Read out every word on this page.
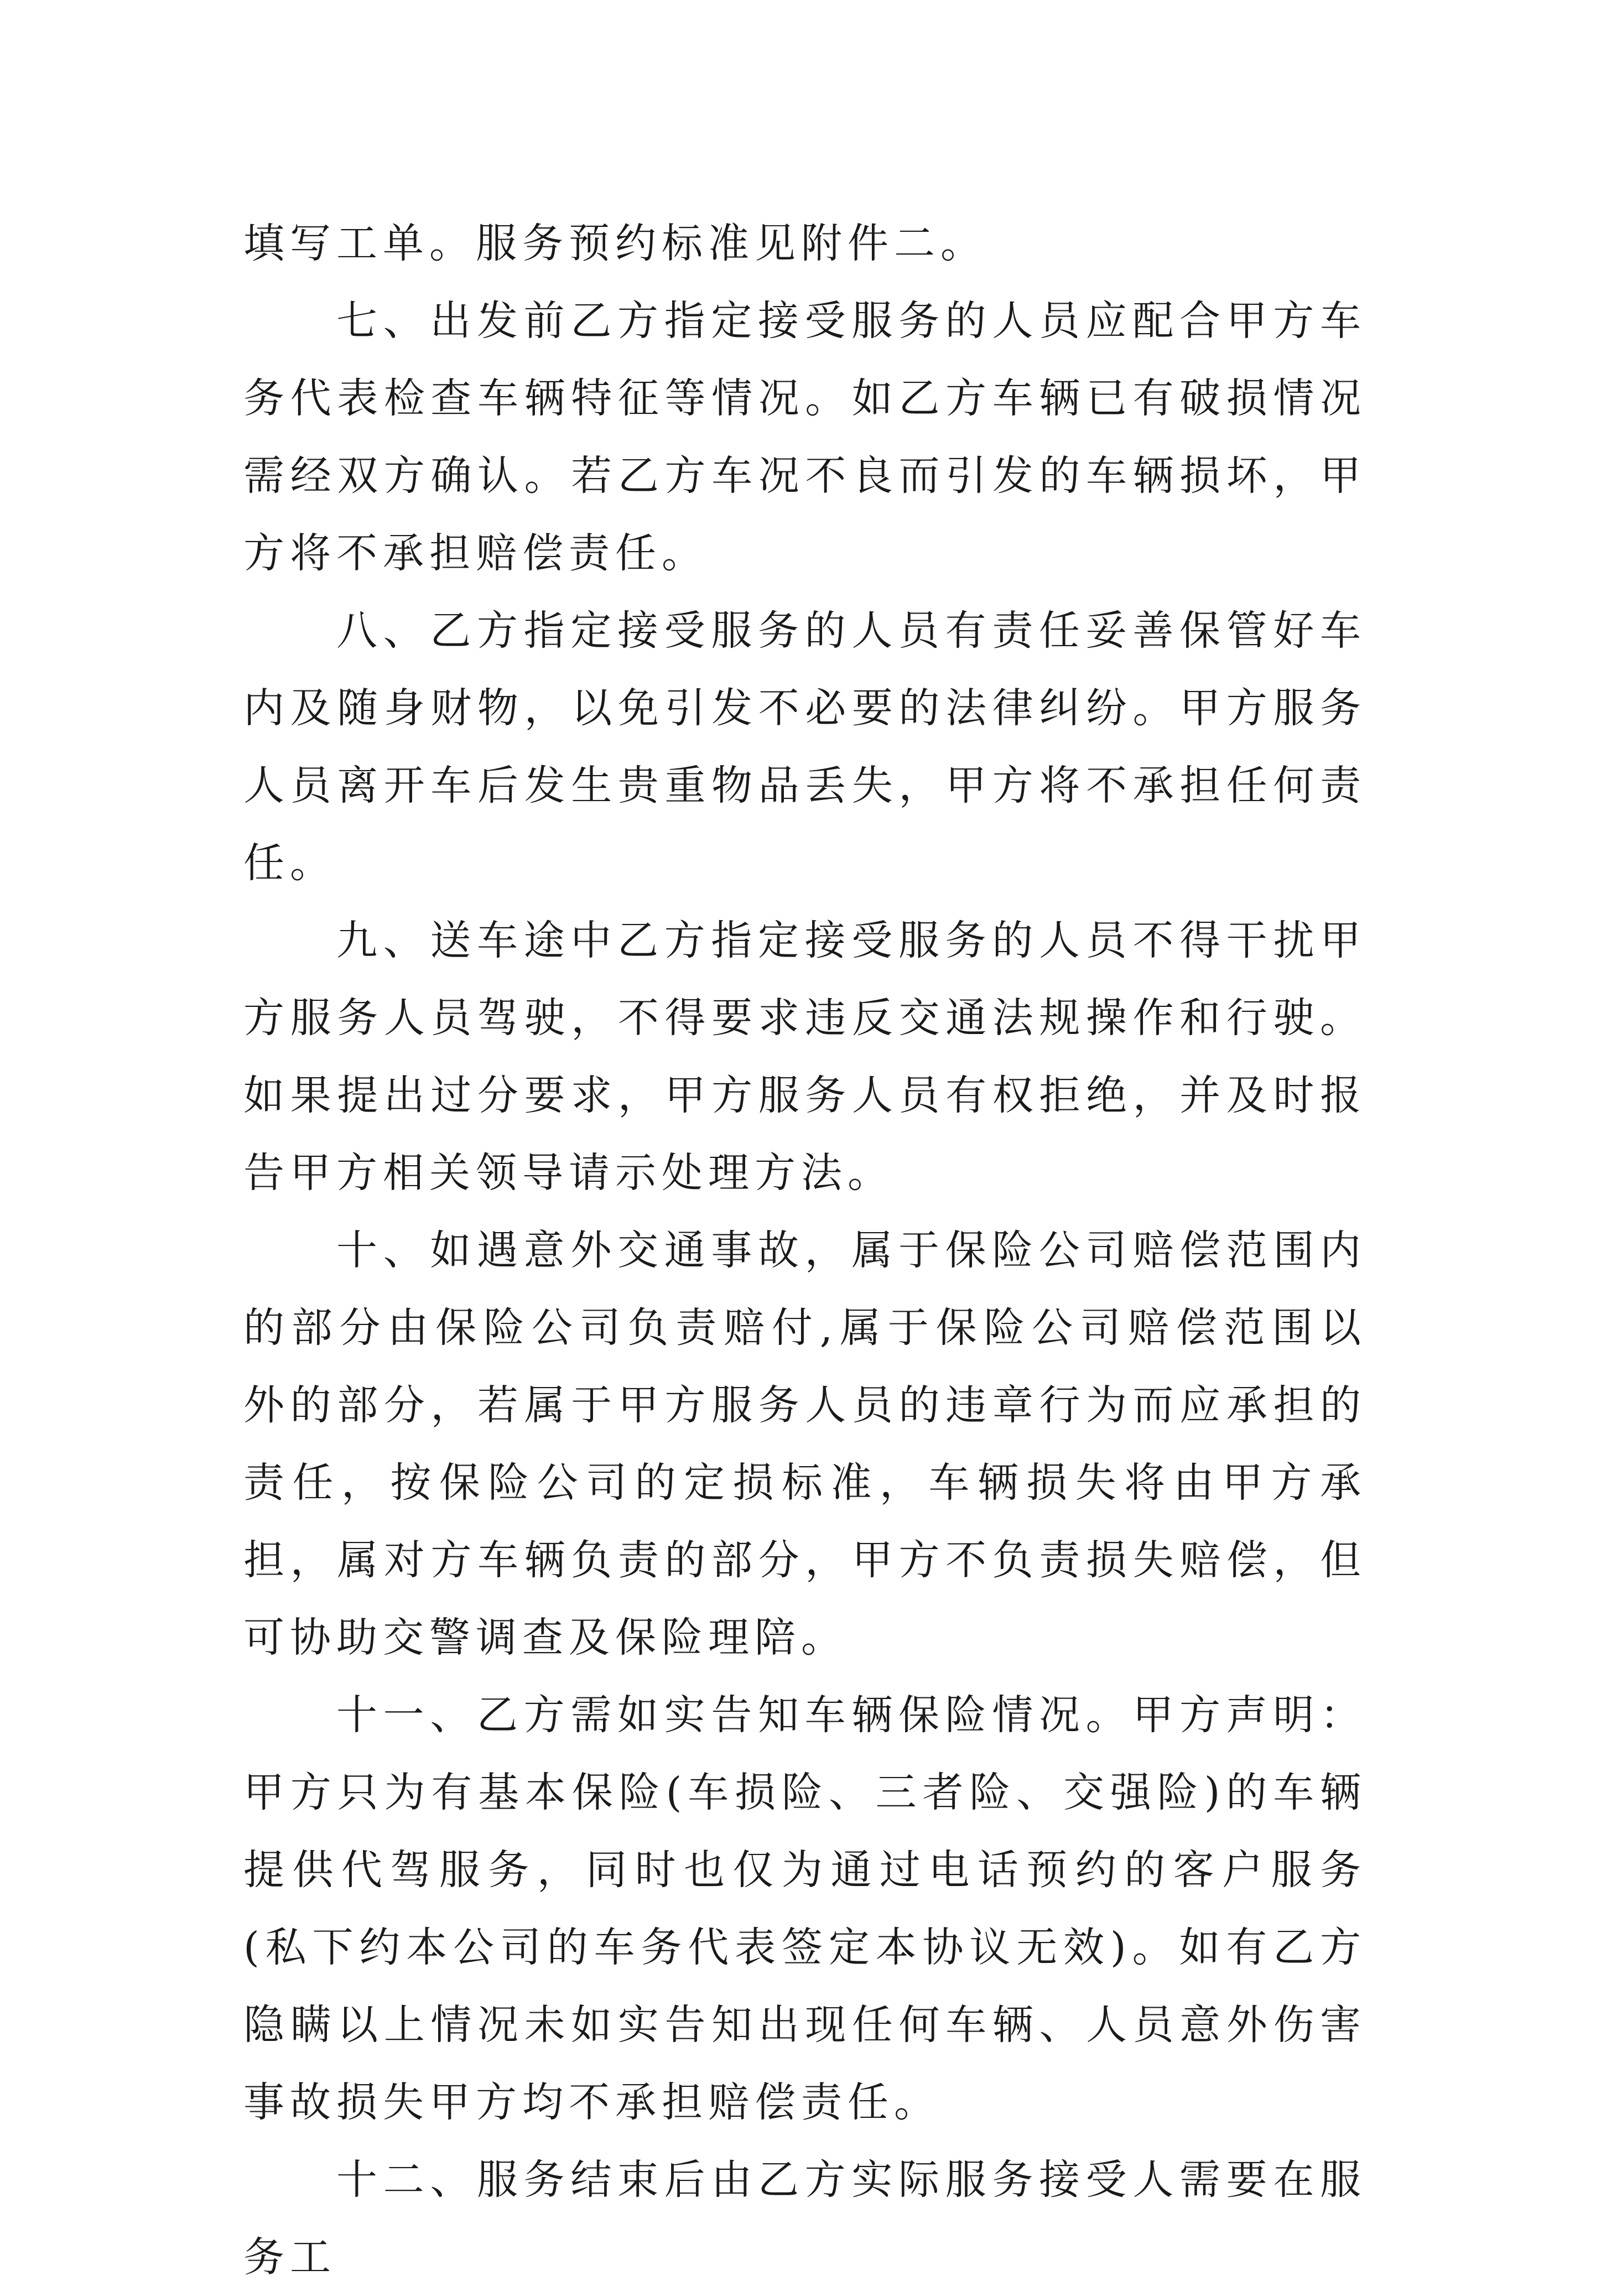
填写工单。服务预约标准见附件二。

七、出发前乙方指定接受服务的人员应配合甲方车务代表检查车辆特征等情况。如乙方车辆已有破损情况需经双方确认。若乙方车况不良而引发的车辆损坏，甲方将不承担赔偿责任。

八、乙方指定接受服务的人员有责任妥善保管好车内及随身财物，以免引发不必要的法律纠纷。甲方服务人员离开车后发生贵重物品丢失，甲方将不承担任何责任。

九、送车途中乙方指定接受服务的人员不得干扰甲方服务人员驾驶，不得要求违反交通法规操作和行驶。如果提出过分要求，甲方服务人员有权拒绝，并及时报告甲方相关领导请示处理方法。

十、如遇意外交通事故，属于保险公司赔偿范围内的部分由保险公司负责赔付,属于保险公司赔偿范围以外的部分，若属于甲方服务人员的违章行为而应承担的责任，按保险公司的定损标准，车辆损失将由甲方承担，属对方车辆负责的部分，甲方不负责损失赔偿，但可协助交警调查及保险理陪。

十一、乙方需如实告知车辆保险情况。甲方声明：甲方只为有基本保险(车损险、三者险、交强险)的车辆提供代驾服务，同时也仅为通过电话预约的客户服务(私下约本公司的车务代表签定本协议无效)。如有乙方隐瞒以上情况未如实告知出现任何车辆、人员意外伤害事故损失甲方均不承担赔偿责任。

十二、服务结束后由乙方实际服务接受人需要在服务工
